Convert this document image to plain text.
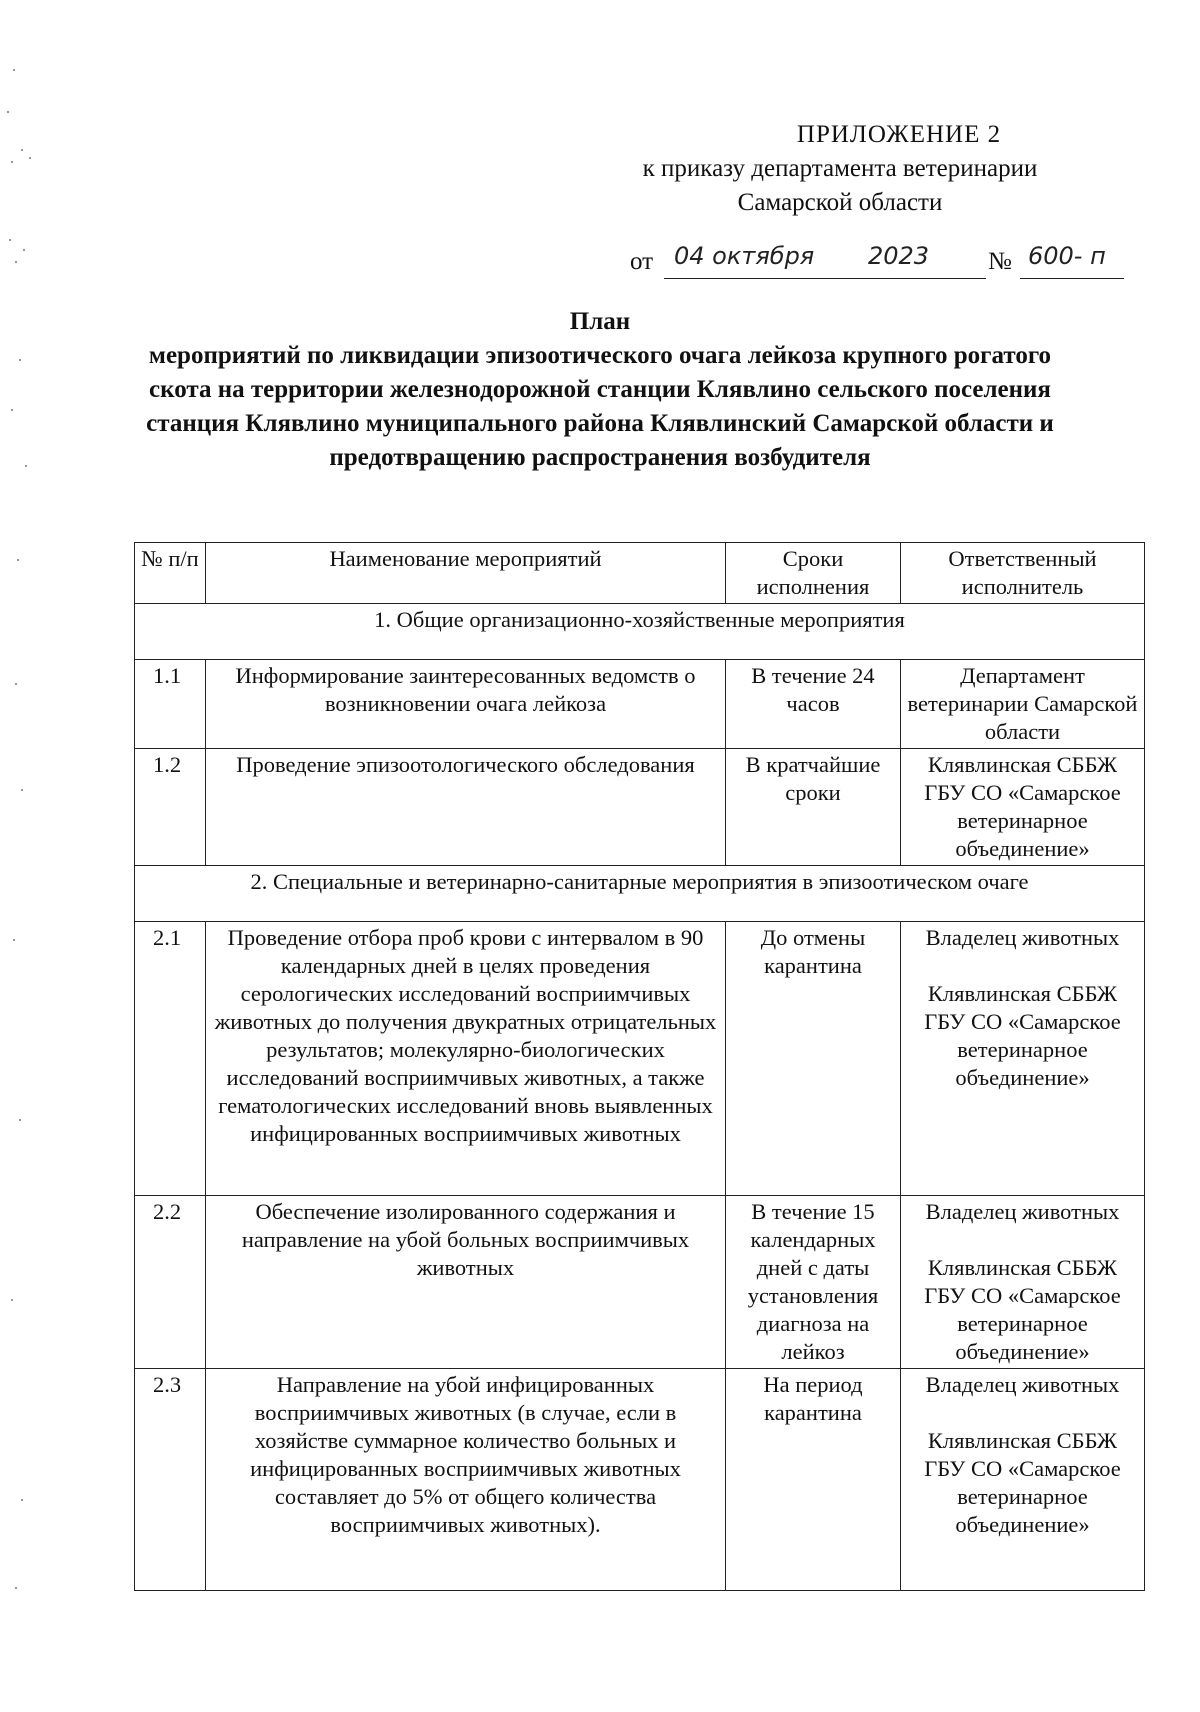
ПРИЛОЖЕНИЕ 2
к приказу департамента ветеринарии
Самарской области
от 04 октября 2023 № 600- п
План
мероприятий по ликвидации эпизоотического очага лейкоза крупного рогатого скота на территории железнодорожной станции Клявлино сельского поселения станция Клявлино муниципального района Клявлинский Самарской области и предотвращению распространения возбудителя
№ п/п	Наименование мероприятий	Сроки исполнения	Ответственный исполнитель
1. Общие организационно-хозяйственные мероприятия			
1.1	Информирование заинтересованных ведомств о возникновении очага лейкоза	В течение 24 часов	Департамент ветеринарии Самарской области
1.2	Проведение эпизоотологического обследования	В кратчайшие сроки	Клявлинская СББЖ ГБУ СО «Самарское ветеринарное объединение»
2. Специальные и ветеринарно-санитарные мероприятия в эпизоотическом очаге			
2.1	Проведение отбора проб крови с интервалом в 90 календарных дней в целях проведения серологических исследований восприимчивых животных до получения двукратных отрицательных результатов; молекулярно-биологических исследований восприимчивых животных, а также гематологических исследований вновь выявленных инфицированных восприимчивых животных	До отмены карантина	Владелец животных
Клявлинская СББЖ ГБУ СО «Самарское ветеринарное объединение»

2.2	Обеспечение изолированного содержания и направление на убой больных восприимчивых животных	В течение 15 календарных дней с даты установления диагноза на лейкоз	Владелец животных
Клявлинская СББЖ ГБУ СО «Самарское ветеринарное объединение»

2.3	Направление на убой инфицированных восприимчивых животных (в случае, если в хозяйстве суммарное количество больных и инфицированных восприимчивых животных составляет до 5% от общего количества восприимчивых животных).	На период карантина	Владелец животных
Клявлинская СББЖ ГБУ СО «Самарское ветеринарное объединение»
